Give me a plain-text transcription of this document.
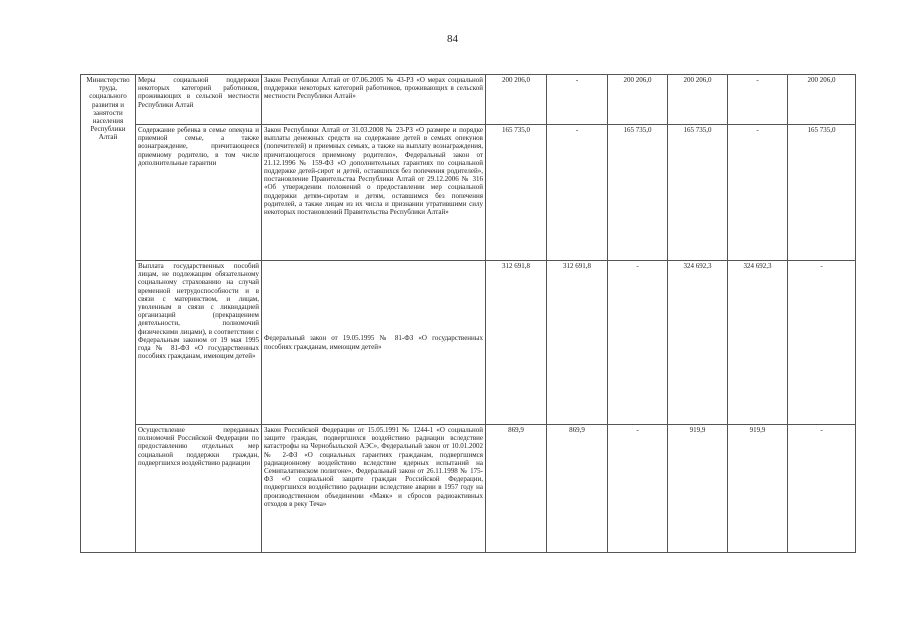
84
Министерство труда, социального развития и занятости населения Республики Алтай	Меры социальной поддержки некоторых категорий работников, проживающих в сельской местности Республики Алтай	Закон Республики Алтай от 07.06.2005 № 43-РЗ «О мерах социальной поддержки некоторых категорий работников, проживающих в сельской местности Республики Алтай»	200 206,0	-	200 206,0	200 206,0	-	200 206,0
	Содержание ребенка в семье опекуна и приемной семье, а также вознаграждение, причитающееся приемному родителю, в том числе дополнительные гарантии	Закон Республики Алтай от 31.03.2008 № 23-РЗ «О размере и порядке выплаты денежных средств на содержание детей в семьях опекунов (попечителей) и приемных семьях, а также на выплату вознаграждения, причитающегося приемному родителю», Федеральный закон от 21.12.1996 № 159-ФЗ «О дополнительных гарантиях по социальной поддержке детей-сирот и детей, оставшихся без попечения родителей», постановление Правительства Республики Алтай от 29.12.2006 № 316 «Об утверждении положений о предоставлении мер социальной поддержки детям-сиротам и детям, оставшимся без попечения родителей, а также лицам из их числа и признании утратившими силу некоторых постановлений Правительства Республики Алтай»	165 735,0	-	165 735,0	165 735,0	-	165 735,0
	Выплата государственных пособий лицам, не подлежащим обязательному социальному страхованию на случай временной нетрудоспособности и в связи с материнством, и лицам, уволенным в связи с ликвидацией организаций (прекращением деятельности, полномочий физическими лицами), в соответствии с Федеральным законом от 19 мая 1995 года № 81-ФЗ «О государственных пособиях гражданам, имеющим детей»	Федеральный закон от 19.05.1995 № 81-ФЗ «О государственных пособиях гражданам, имеющим детей»	312 691,8	312 691,8	-	324 692,3	324 692,3	-
	Осуществление переданных полномочий Российской Федерации по предоставлению отдельных мер социальной поддержки граждан, подвергшихся воздействию радиации	Закон Российской Федерации от 15.05.1991 № 1244-1 «О социальной защите граждан, подвергшихся воздействию радиации вследствие катастрофы на Чернобыльской АЭС», Федеральный закон от 10.01.2002 № 2-ФЗ «О социальных гарантиях гражданам, подвергшимся радиационному воздействию вследствие ядерных испытаний на Семипалатинском полигоне», Федеральный закон от 26.11.1998 № 175-ФЗ «О социальной защите граждан Российской Федерации, подвергшихся воздействию радиации вследствие аварии в 1957 году на производственном объединении «Маяк» и сбросов радиоактивных отходов в реку Теча»	869,9	869,9	-	919,9	919,9	-
